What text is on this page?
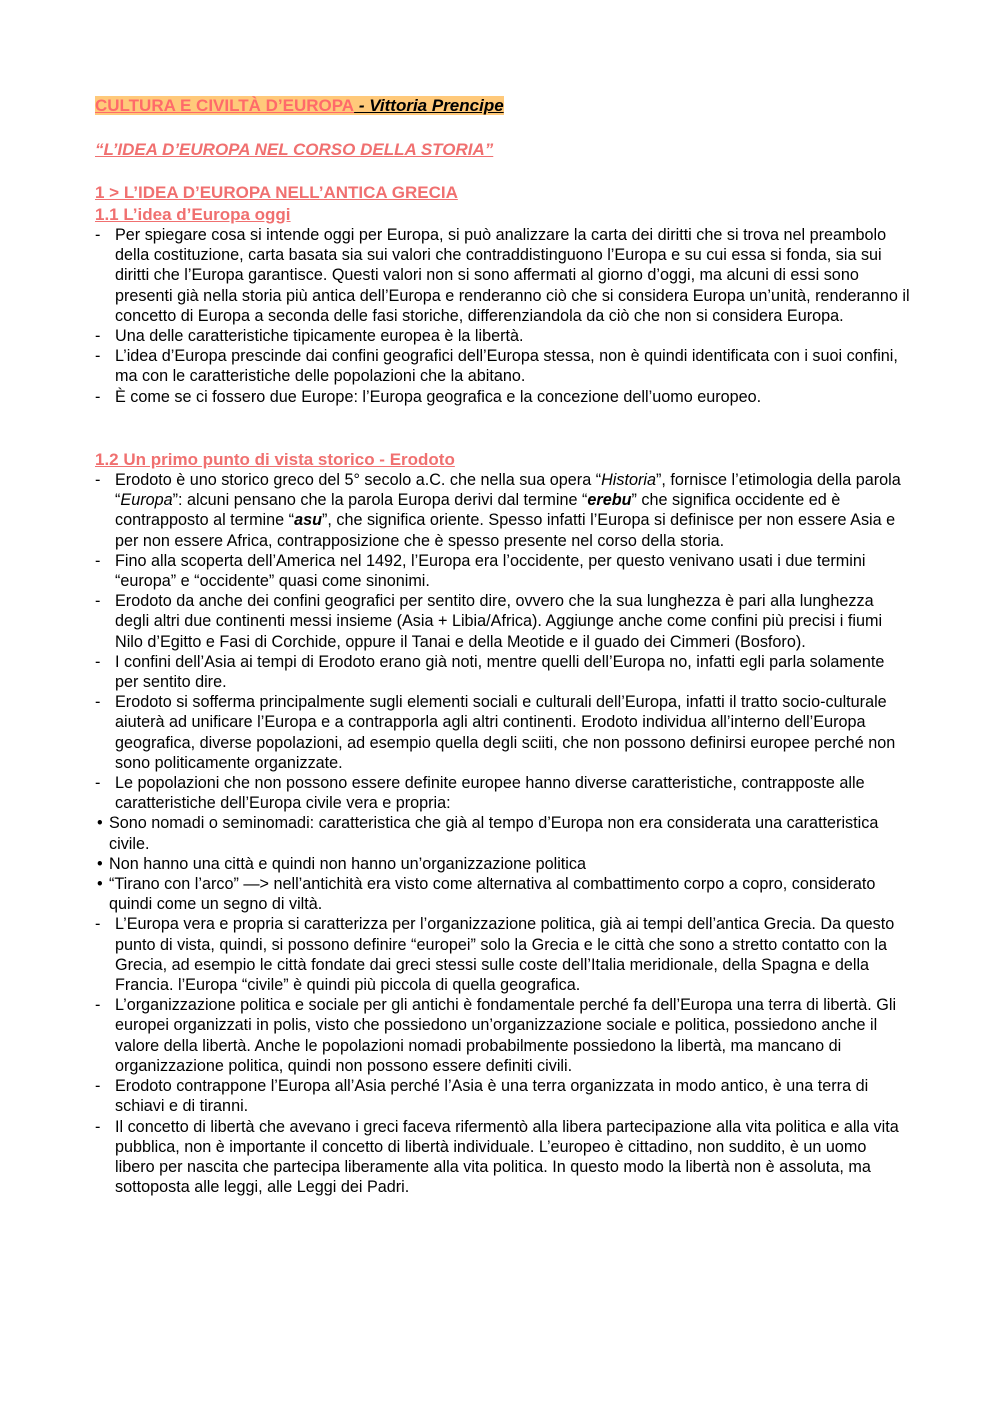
CULTURA E CIVILTÀ D’EUROPA - Vittoria Prencipe
“L’IDEA D’EUROPA NEL CORSO DELLA STORIA”
1 > L’IDEA D’EUROPA NELL’ANTICA GRECIA
1.1 L’idea d’Europa oggi
- Per spiegare cosa si intende oggi per Europa, si può analizzare la carta dei diritti che si trova nel preambolo della costituzione, carta basata sia sui valori che contraddistinguono l’Europa e su cui essa si fonda, sia sui diritti che l’Europa garantisce. Questi valori non si sono affermati al giorno d’oggi, ma alcuni di essi sono presenti già nella storia più antica dell’Europa e renderanno ciò che si considera Europa un’unità, renderanno il concetto di Europa a seconda delle fasi storiche, differenziandola da ciò che non si considera Europa.
- Una delle caratteristiche tipicamente europea è la libertà.
- L’idea d’Europa prescinde dai confini geografici dell’Europa stessa, non è quindi identificata con i suoi confini, ma con le caratteristiche delle popolazioni che la abitano.
- È come se ci fossero due Europe: l’Europa geografica e la concezione dell’uomo europeo.
1.2 Un primo punto di vista storico - Erodoto
- Erodoto è uno storico greco del 5° secolo a.C. che nella sua opera “Historia”, fornisce l’etimologia della parola “Europa”: alcuni pensano che la parola Europa derivi dal termine “erebu” che significa occidente ed è contrapposto al termine “asu”, che significa oriente. Spesso infatti l’Europa si definisce per non essere Asia e per non essere Africa, contrapposizione che è spesso presente nel corso della storia.
- Fino alla scoperta dell’America nel 1492, l’Europa era l’occidente, per questo venivano usati i due termini “europa” e “occidente” quasi come sinonimi.
- Erodoto da anche dei confini geografici per sentito dire, ovvero che la sua lunghezza è pari alla lunghezza degli altri due continenti messi insieme (Asia + Libia/Africa). Aggiunge anche come confini più precisi i fiumi Nilo d’Egitto e Fasi di Corchide, oppure il Tanai e della Meotide e il guado dei Cimmeri (Bosforo).
- I confini dell’Asia ai tempi di Erodoto erano già noti, mentre quelli dell’Europa no, infatti egli parla solamente per sentito dire.
- Erodoto si sofferma principalmente sugli elementi sociali e culturali dell’Europa, infatti il tratto socio-culturale aiuterà ad unificare l’Europa e a contrapporla agli altri continenti. Erodoto individua all’interno dell’Europa geografica, diverse popolazioni, ad esempio quella degli sciiti, che non possono definirsi europee perché non sono politicamente organizzate.
- Le popolazioni che non possono essere definite europee hanno diverse caratteristiche, contrapposte alle caratteristiche dell’Europa civile vera e propria:
• Sono nomadi o seminomadi: caratteristica che già al tempo d’Europa non era considerata una caratteristica civile.
• Non hanno una città e quindi non hanno un’organizzazione politica
• “Tirano con l’arco” —> nell’antichità era visto come alternativa al combattimento corpo a copro, considerato quindi come un segno di viltà.
- L’Europa vera e propria si caratterizza per l’organizzazione politica, già ai tempi dell’antica Grecia. Da questo punto di vista, quindi, si possono definire “europei” solo la Grecia e le città che sono a stretto contatto con la Grecia, ad esempio le città fondate dai greci stessi sulle coste dell’Italia meridionale, della Spagna e della Francia. l’Europa “civile” è quindi più piccola di quella geografica.
- L’organizzazione politica e sociale per gli antichi è fondamentale perché fa dell’Europa una terra di libertà. Gli europei organizzati in polis, visto che possiedono un’organizzazione sociale e politica, possiedono anche il valore della libertà. Anche le popolazioni nomadi probabilmente possiedono la libertà, ma mancano di organizzazione politica, quindi non possono essere definiti civili.
- Erodoto contrappone l’Europa all’Asia perché l’Asia è una terra organizzata in modo antico, è una terra di schiavi e di tiranni.
- Il concetto di libertà che avevano i greci faceva rifermentò alla libera partecipazione alla vita politica e alla vita pubblica, non è importante il concetto di libertà individuale. L’europeo è cittadino, non suddito, è un uomo libero per nascita che partecipa liberamente alla vita politica. In questo modo la libertà non è assoluta, ma sottoposta alle leggi, alle Leggi dei Padri.
